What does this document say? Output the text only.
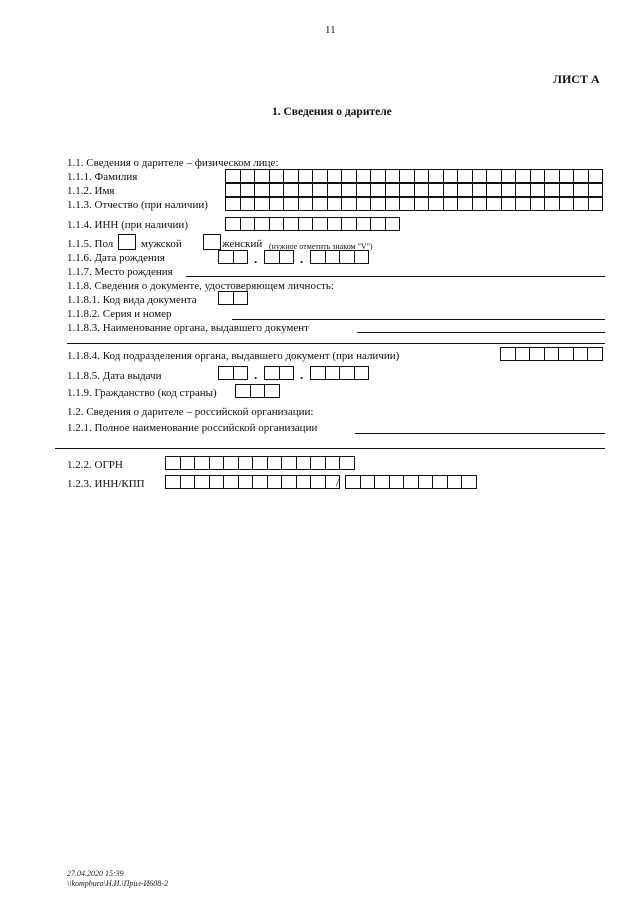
11
ЛИСТ А
1. Сведения о дарителе
1.1. Сведения о дарителе – физическом лице:
1.1.1. Фамилия
1.1.2. Имя
1.1.3. Отчество (при наличии)
1.1.4. ИНН (при наличии)
1.1.5. Пол	мужской	женский (нужное отметить знаком "V")
1.1.6. Дата рождения	.	.
1.1.7. Место рождения
1.1.8. Сведения о документе, удостоверяющем личность:
1.1.8.1. Код вида документа
1.1.8.2. Серия и номер
1.1.8.3. Наименование органа, выдавшего документ
1.1.8.4. Код подразделения органа, выдавшего документ (при наличии)
1.1.8.5. Дата выдачи	.	.
1.1.9. Гражданство (код страны)
1.2. Сведения о дарителе – российской организации:
1.2.1. Полное наименование российской организации
1.2.2. ОГРН
1.2.3. ИНН/КПП	/
27.04.2020 15:39
\\kompburo\Н.И.\Прил-И608-2
